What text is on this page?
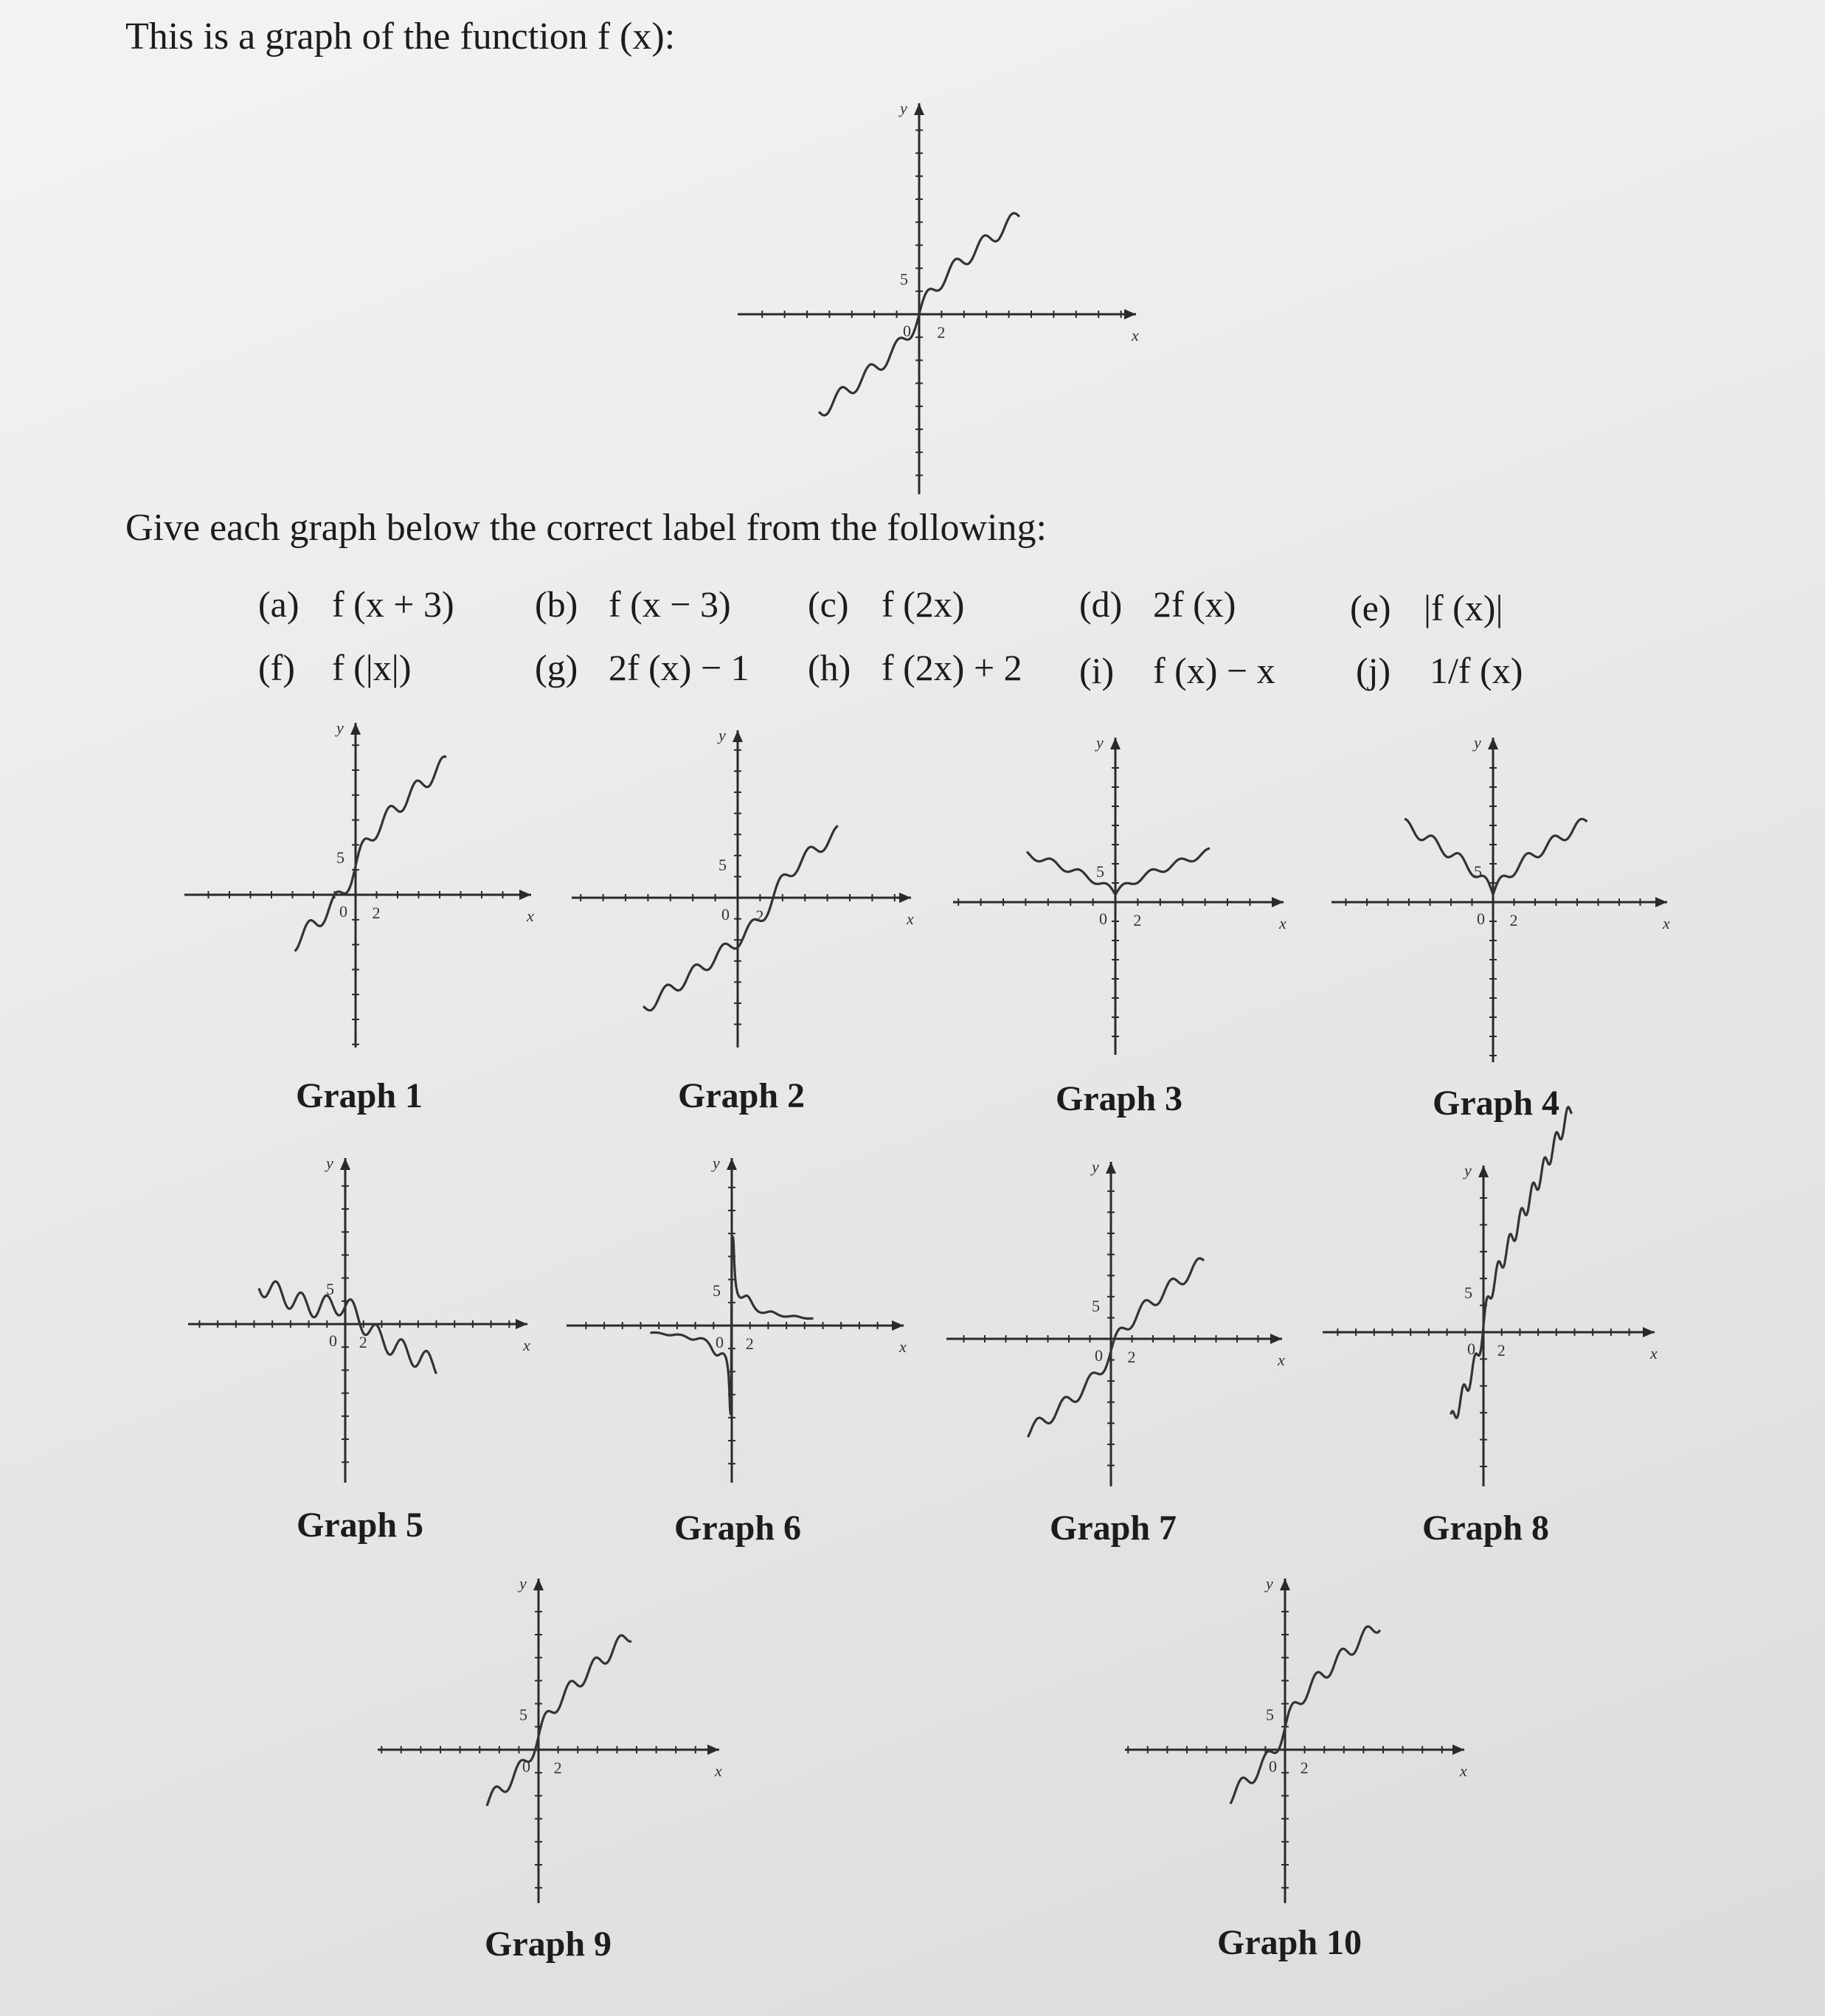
This is a graph of the function f (x):
Give each graph below the correct label from the following:
(a) f (x + 3) (b) f (x − 3) (c) f (2x)	(d) 2f (x)	(e) |f (x)|
(f) f (|x|)	(g) 2f (x) − 1 (h) f (2x) + 2 (i) f (x) − x (j) 1/f (x)
y
x
0 2
5
y
x
0 2
5
y
x
0 2
5
y
x
0 2
5
y
x
0 2
5
y
x
0 2
5
y
x
0 2
5
y
x
0 2
5
y
x
0 2
5
y
x
0 2
5
y
x
0 2
5
Graph 1	Graph 2	Graph 3	Graph 4
Graph 5	Graph 6	Graph 7	Graph 8
Graph 9	Graph 10
